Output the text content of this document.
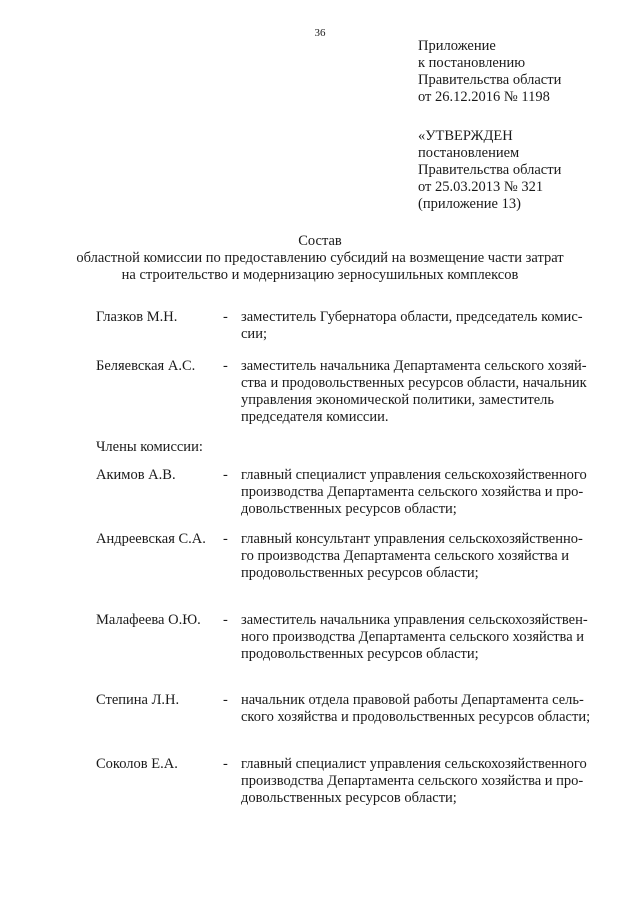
36
Приложение
к постановлению
Правительства области
от 26.12.2016 № 1198
«УТВЕРЖДЕН
постановлением
Правительства области
от 25.03.2013 № 321
(приложение 13)
Состав
областной комиссии по предоставлению субсидий на возмещение части затрат
на строительство и модернизацию зерносушильных комплексов
Глазков М.Н.	- заместитель Губернатора области, председатель комис-
сии;
Беляевская А.С. - заместитель начальника Департамента сельского хозяй-
ства и продовольственных ресурсов области, начальник
управления экономической политики, заместитель
председателя комиссии.
Члены комиссии:
Акимов А.В.	- главный специалист управления сельскохозяйственного
производства Департамента сельского хозяйства и про-
довольственных ресурсов области;
Андреевская С.А. - главный консультант управления сельскохозяйственно-
го производства Департамента сельского хозяйства и
продовольственных ресурсов области;
Малафеева О.Ю. - заместитель начальника управления сельскохозяйствен-
ного производства Департамента сельского хозяйства и
продовольственных ресурсов области;
Степина Л.Н.	- начальник отдела правовой работы Департамента сель-
ского хозяйства и продовольственных ресурсов области;
Соколов Е.А.	- главный специалист управления сельскохозяйственного
производства Департамента сельского хозяйства и про-
довольственных ресурсов области;
